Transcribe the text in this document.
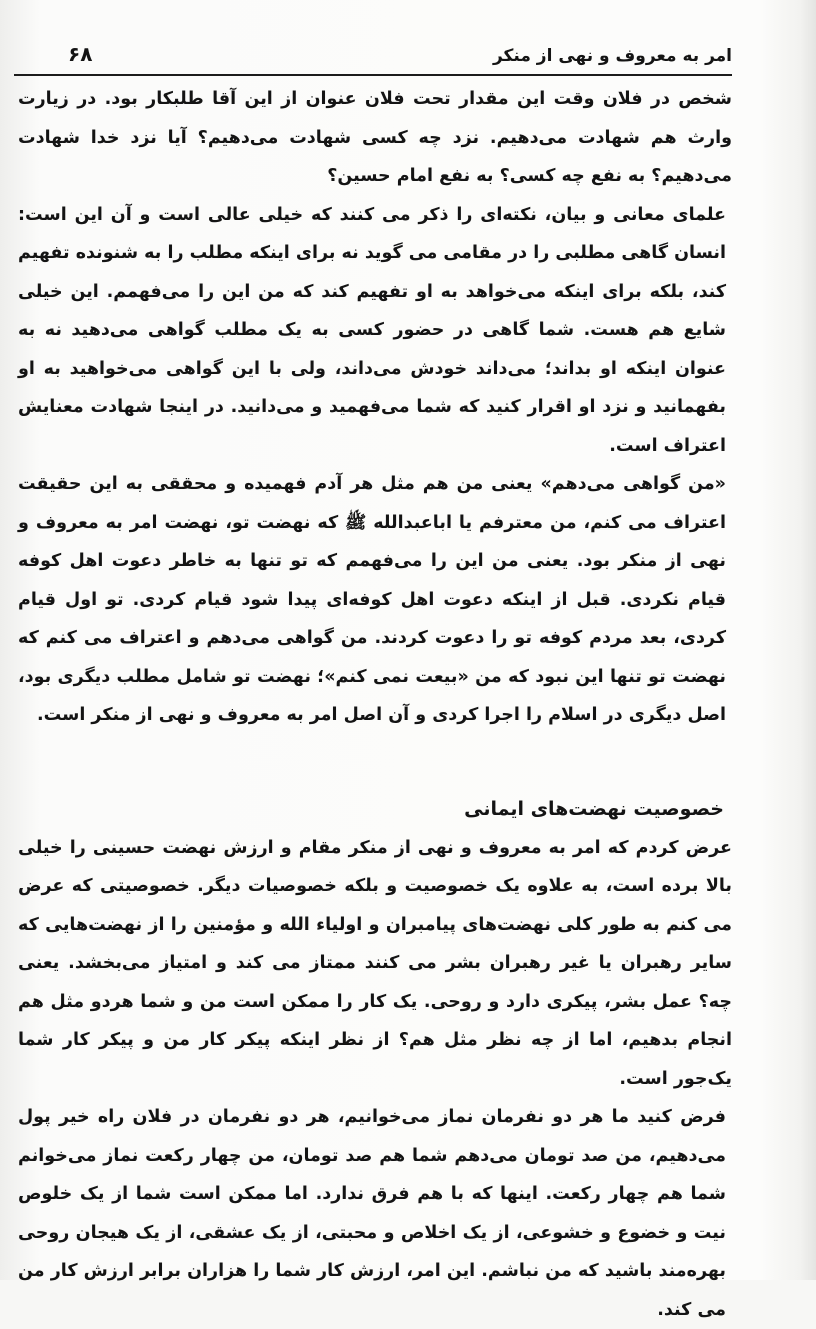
امر به معروف و نهی از منکر
۶۸

شخص در فلان وقت این مقدار تحت فلان عنوان از این آقا طلبکار بود. در زیارت وارث هم شهادت می‌دهیم. نزد چه کسی شهادت می‌دهیم؟ آیا نزد خدا شهادت می‌دهیم؟ به نفع چه کسی؟ به نفع امام حسین؟

علمای معانی و بیان، نکته‌ای را ذکر می کنند که خیلی عالی است و آن این است: انسان گاهی مطلبی را در مقامی می گوید نه برای اینکه مطلب را به شنونده تفهیم کند، بلکه برای اینکه می‌خواهد به او تفهیم کند که من این را می‌فهمم. این خیلی شایع هم هست. شما گاهی در حضور کسی به یک مطلب گواهی می‌دهید نه به عنوان اینکه او بداند؛ می‌داند خودش می‌داند، ولی با این گواهی می‌خواهید به او بفهمانید و نزد او اقرار کنید که شما می‌فهمید و می‌دانید. در اینجا شهادت معنایش اعتراف است.

«من گواهی می‌دهم» یعنی من هم مثل هر آدم فهمیده و محققی به این حقیقت اعتراف می کنم، من معترفم یا اباعبدالله ﷺ که نهضت تو، نهضت امر به معروف و نهی از منکر بود. یعنی من این را می‌فهمم که تو تنها به خاطر دعوت اهل کوفه قیام نکردی. قبل از اینکه دعوت اهل کوفه‌ای پیدا شود قیام کردی. تو اول قیام کردی، بعد مردم کوفه تو را دعوت کردند. من گواهی می‌دهم و اعتراف می کنم که نهضت تو تنها این نبود که من «بیعت نمی کنم»؛ نهضت تو شامل مطلب دیگری بود، اصل دیگری در اسلام را اجرا کردی و آن اصل امر به معروف و نهی از منکر است.

خصوصیت نهضت‌های ایمانی

عرض کردم که امر به معروف و نهی از منکر مقام و ارزش نهضت حسینی را خیلی بالا برده است، به علاوه یک خصوصیت و بلکه خصوصیات دیگر. خصوصیتی که عرض می کنم به طور کلی نهضت‌های پیامبران و اولیاء الله و مؤمنین را از نهضت‌هایی که سایر رهبران یا غیر رهبران بشر می کنند ممتاز می کند و امتیاز می‌بخشد. یعنی چه؟ عمل بشر، پیکری دارد و روحی. یک کار را ممکن است من و شما هردو مثل هم انجام بدهیم، اما از چه نظر مثل هم؟ از نظر اینکه پیکر کار من و پیکر کار شما یک‌جور است.

فرض کنید ما هر دو نفرمان نماز می‌خوانیم، هر دو نفرمان در فلان راه خیر پول می‌دهیم، من صد تومان می‌دهم شما هم صد تومان، من چهار رکعت نماز می‌خوانم شما هم چهار رکعت. اینها که با هم فرق ندارد. اما ممکن است شما از یک خلوص نیت و خضوع و خشوعی، از یک اخلاص و محبتی، از یک عشقی، از یک هیجان روحی بهره‌مند باشید که من نباشم. این امر، ارزش کار شما را هزاران برابر ارزش کار من می کند.
